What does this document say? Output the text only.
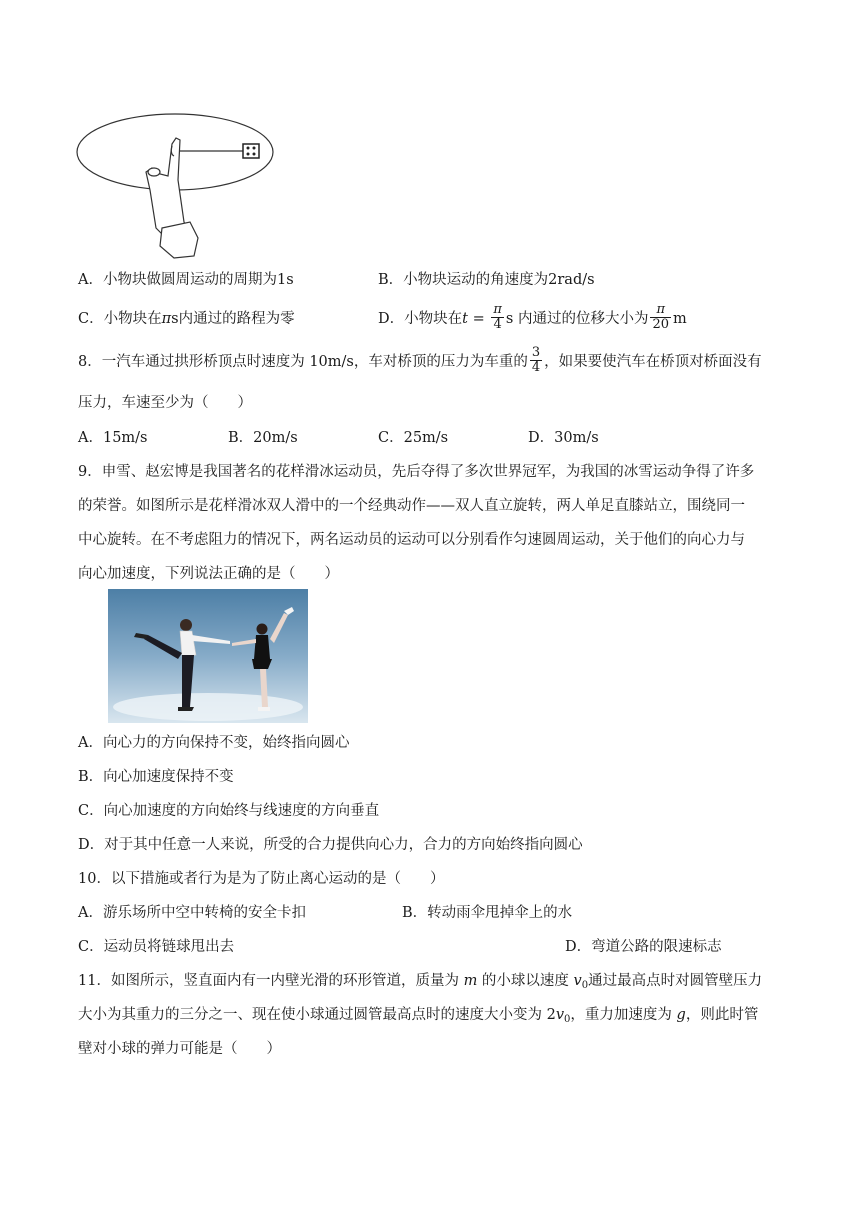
A．小物块做圆周运动的周期为1s	B．小物块运动的角速度为2rad/s
C．小物块在πs内通过的路程为零	D．小物块在$t = \frac{\pi}{4}$ s 内通过的位移大小为 $\frac{\pi}{20}$ m
8．一汽车通过拱形桥顶点时速度为 10m/s，车对桥顶的压力为车重的 $\frac{3}{4}$ ，如果要使汽车在桥顶对桥面没有
压力，车速至少为（　　）
A．15m/s	B．20m/s	C．25m/s	D．30m/s
9．申雪、赵宏博是我国著名的花样滑冰运动员，先后夺得了多次世界冠军，为我国的冰雪运动争得了许多
的荣誉。如图所示是花样滑冰双人滑中的一个经典动作——双人直立旋转，两人单足直膝站立，围绕同一
中心旋转。在不考虑阻力的情况下，两名运动员的运动可以分别看作匀速圆周运动，关于他们的向心力与
向心加速度，下列说法正确的是（　　）
A．向心力的方向保持不变，始终指向圆心
B．向心加速度保持不变
C．向心加速度的方向始终与线速度的方向垂直
D．对于其中任意一人来说，所受的合力提供向心力，合力的方向始终指向圆心
10．以下措施或者行为是为了防止离心运动的是（　　）
A．游乐场所中空中转椅的安全卡扣	B．转动雨伞甩掉伞上的水
C．运动员将链球甩出去	D．弯道公路的限速标志
11．如图所示，竖直面内有一内壁光滑的环形管道，质量为 m 的小球以速度 $v_0$通过最高点时对圆管壁压力
大小为其重力的三分之一、现在使小球通过圆管最高点时的速度大小变为 $2v_0$，重力加速度为 g，则此时管
壁对小球的弹力可能是（　　）
